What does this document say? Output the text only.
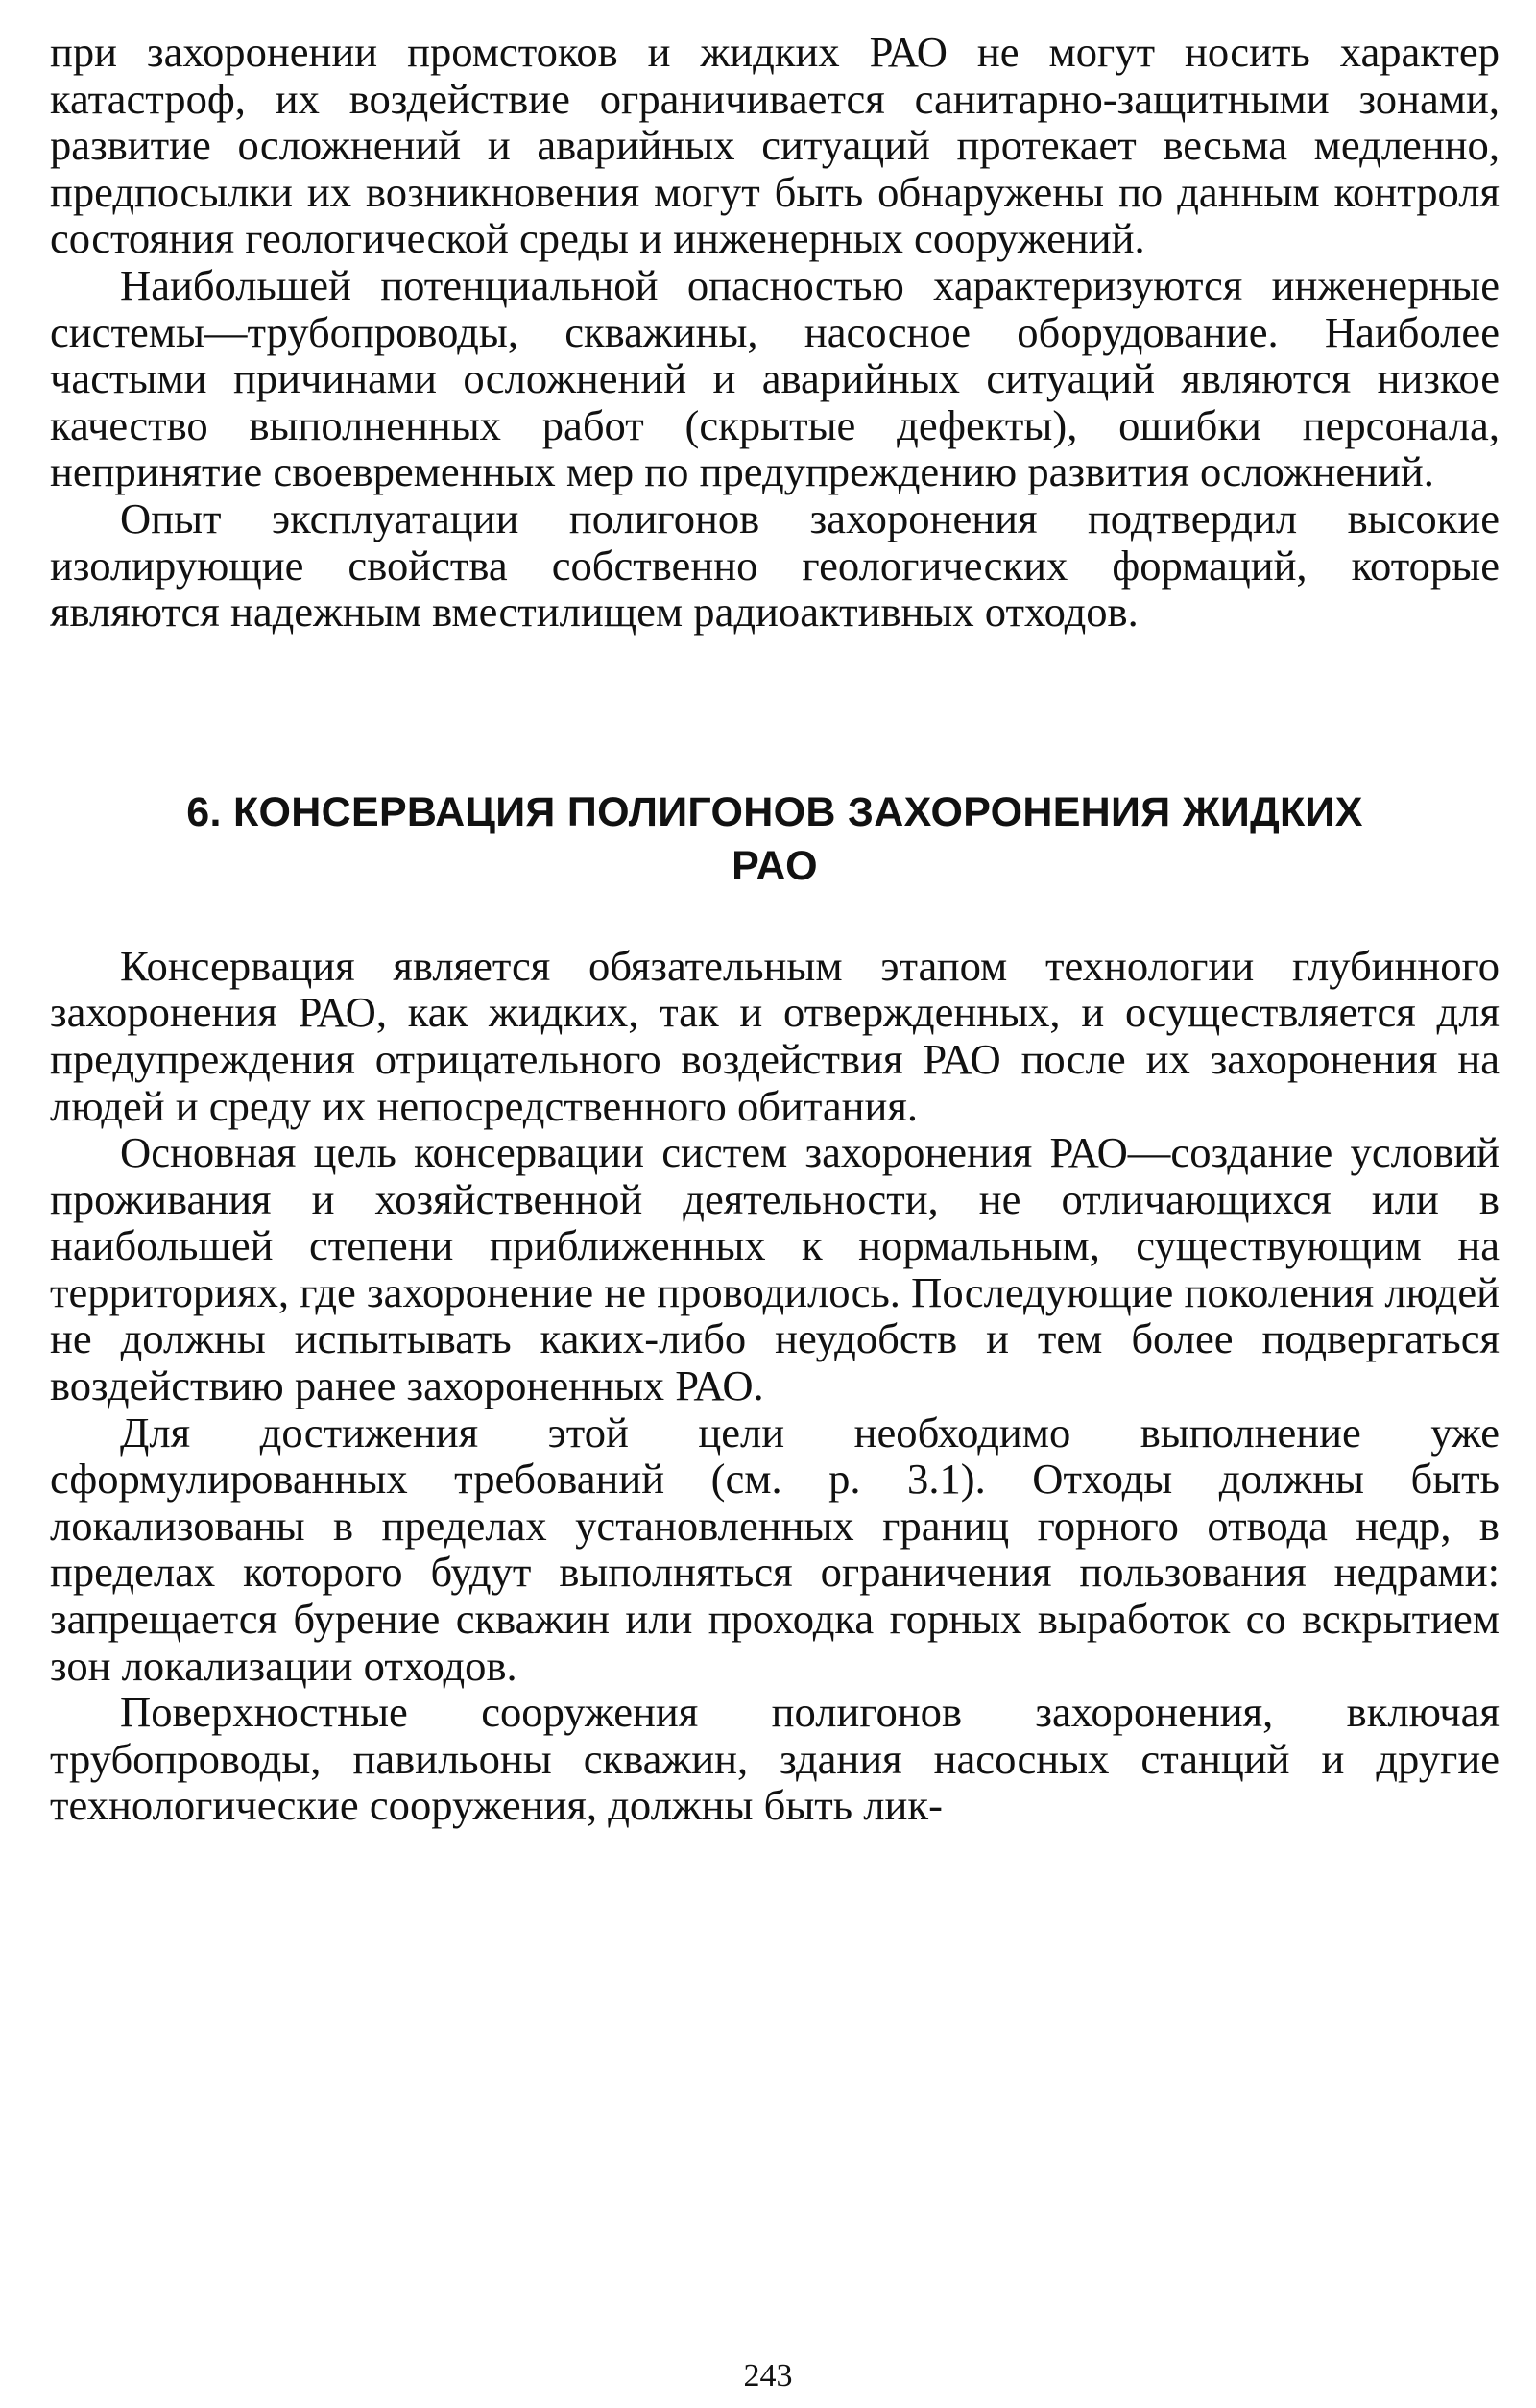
при захоронении промстоков и жидких РАО не могут носить характер катастроф, их воздействие ограничивается санитарно-защитными зонами, развитие осложнений и аварийных ситуаций протекает весьма медленно, предпосылки их возникновения могут быть обнаружены по данным контроля состояния геологической среды и инженерных сооружений.

Наибольшей потенциальной опасностью характеризуются инженерные системы—трубопроводы, скважины, насосное оборудование. Наиболее частыми причинами осложнений и аварийных ситуаций являются низкое качество выполненных работ (скрытые дефекты), ошибки персонала, непринятие своевременных мер по предупреждению развития осложнений.

Опыт эксплуатации полигонов захоронения подтвердил высокие изолирующие свойства собственно геологических формаций, которые являются надежным вместилищем радиоактивных отходов.

6. КОНСЕРВАЦИЯ ПОЛИГОНОВ ЗАХОРОНЕНИЯ ЖИДКИХ РАО

Консервация является обязательным этапом технологии глубинного захоронения РАО, как жидких, так и отвержденных, и осуществляется для предупреждения отрицательного воздействия РАО после их захоронения на людей и среду их непосредственного обитания.

Основная цель консервации систем захоронения РАО—создание условий проживания и хозяйственной деятельности, не отличающихся или в наибольшей степени приближенных к нормальным, существующим на территориях, где захоронение не проводилось. Последующие поколения людей не должны испытывать каких-либо неудобств и тем более подвергаться воздействию ранее захороненных РАО.

Для достижения этой цели необходимо выполнение уже сформулированных требований (см. р. 3.1). Отходы должны быть локализованы в пределах установленных границ горного отвода недр, в пределах которого будут выполняться ограничения пользования недрами: запрещается бурение скважин или проходка горных выработок со вскрытием зон локализации отходов.

Поверхностные сооружения полигонов захоронения, включая трубопроводы, павильоны скважин, здания насосных станций и другие технологические сооружения, должны быть лик-

243
